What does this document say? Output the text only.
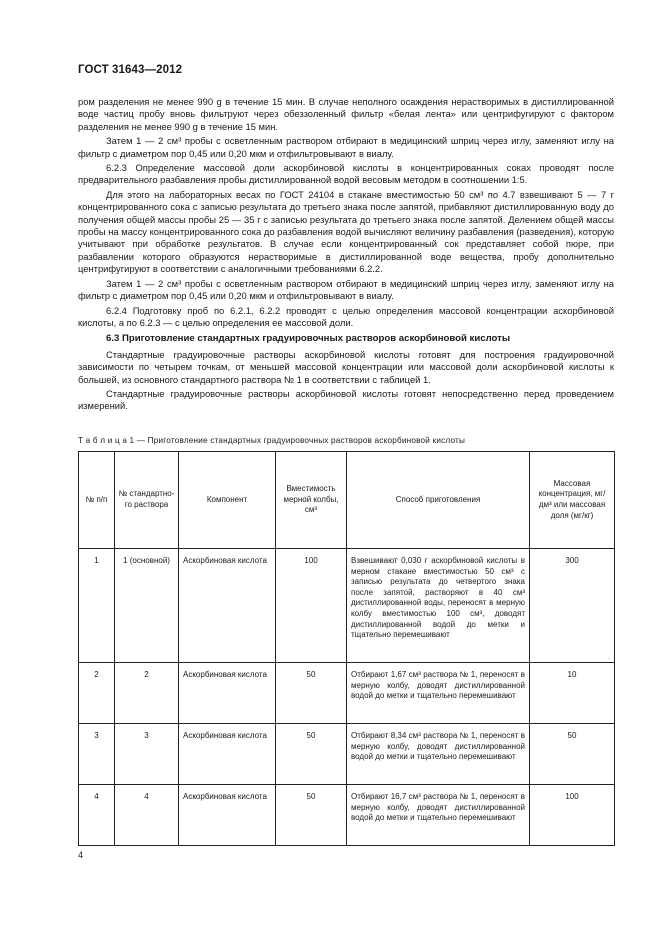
ГОСТ 31643—2012

ром разделения не менее 990 g в течение 15 мин. В случае неполного осаждения нерастворимых в дистиллированной воде частиц пробу вновь фильтруют через обеззоленный фильтр «белая лента» или центрифугируют с фактором разделения не менее 990 g в течение 15 мин.

Затем 1 — 2 см³ пробы с осветленным раствором отбирают в медицинский шприц через иглу, заменяют иглу на фильтр с диаметром пор 0,45 или 0,20 мкм и отфильтровывают в виалу.

6.2.3 Определение массовой доли аскорбиновой кислоты в концентрированных соках проводят после предварительного разбавления пробы дистиллированной водой весовым методом в соотношении 1:5.

Для этого на лабораторных весах по ГОСТ 24104 в стакане вместимостью 50 см³ по 4.7 взвешивают 5 — 7 г концентрированного сока с записью результата до третьего знака после запятой, прибавляют дистиллированную воду до получения общей массы пробы 25 — 35 г с записью результата до третьего знака после запятой. Делением общей массы пробы на массу концентрированного сока до разбавления водой вычисляют величину разбавления (разведения), которую учитывают при обработке результатов. В случае если концентрированный сок представляет собой пюре, при разбавлении которого образуются нерастворимые в дистиллированной воде вещества, пробу дополнительно центрифугируют в соответствии с аналогичными требованиями 6.2.2.

Затем 1 — 2 см³ пробы с осветленным раствором отбирают в медицинский шприц через иглу, заменяют иглу на фильтр с диаметром пор 0,45 или 0,20 мкм и отфильтровывают в виалу.

6.2.4 Подготовку проб по 6.2.1, 6.2.2 проводят с целью определения массовой концентрации аскорбиновой кислоты, а по 6.2.3 — с целью определения ее массовой доли.

6.3 Приготовление стандартных градуировочных растворов аскорбиновой кислоты

Стандартные градуировочные растворы аскорбиновой кислоты готовят для построения градуировочной зависимости по четырем точкам, от меньшей массовой концентрации или массовой доли аскорбиновой кислоты к большей, из основного стандартного раствора № 1 в соответствии с таблицей 1.

Стандартные градуировочные растворы аскорбиновой кислоты готовят непосредственно перед проведением измерений.

Т а б л и ц а 1 — Приготовление стандартных градуировочных растворов аскорбиновой кислоты
№ п/п	№ стандартного раствора	Компонент	Вместимость мерной колбы, см³	Способ приготовления	Массовая концентрация, мг/дм³ или массовая доля (мг/кг)
1	1 (основной)	Аскорбиновая кислота	100	Взвешивают 0,030 г аскорбиновой кислоты в мерном стакане вместимостью 50 см³ с записью результата до четвертого знака после запятой, растворяют в 40 см³ дистиллированной воды, переносят в мерную колбу вместимостью 100 см³, доводят дистиллированной водой до метки и тщательно перемешивают	300
2	2	Аскорбиновая кислота	50	Отбирают 1,67 см³ раствора № 1, переносят в мерную колбу, доводят дистиллированной водой до метки и тщательно перемешивают	10
3	3	Аскорбиновая кислота	50	Отбирают 8,34 см³ раствора № 1, переносят в мерную колбу, доводят дистиллированной водой до метки и тщательно перемешивают	50
4	4	Аскорбиновая кислота	50	Отбирают 16,7 см³ раствора № 1, переносят в мерную колбу, доводят дистиллированной водой до метки и тщательно перемешивают	100
4
